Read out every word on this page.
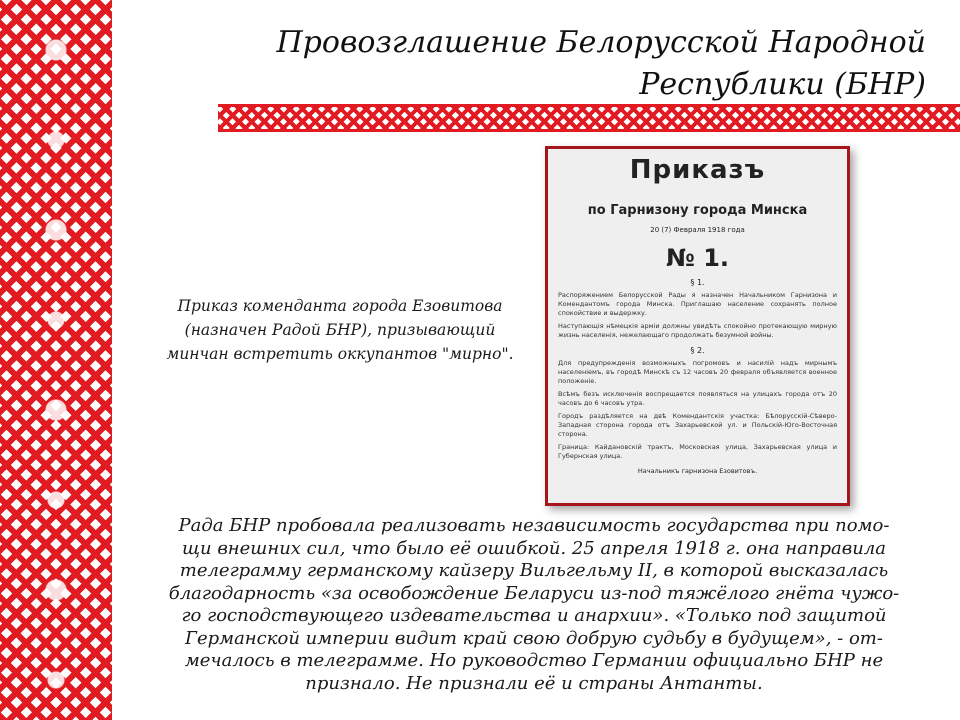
Провозглашение Белорусской Народной Республики (БНР)
Приказъ
по Гарнизону города Минска
20 (7) Февраля 1918 года
№ 1.
§ 1.
Распоряжением Белорусской Рады я назначен Начальником Гарнизона и Комендантомъ города Минска. Приглашаю население сохранять полное спокойствие и выдержку.
Наступающія нѣмецкія арміи должны увидѣть спокойно протекающую мирную жизнь населенія, нежелающаго продолжать безумной войны.
§ 2.
Для предупрежденія возможныхъ погромовъ и насилій надъ мирнымъ населеніемъ, въ городѣ Минскѣ съ 12 часовъ 20 февраля объявляется военное положеніе.
Всѣмъ безъ исключенія воспрещается появляться на улицахъ города отъ 20 часовъ до 6 часовъ утра.
Городъ раздѣляется на двѣ Комендантскія участка: Бѣлорусскій-Сѣверо-Западная сторона города отъ Захарьевской ул. и Польскій-Юго-Восточная сторона.
Граница: Кайдановскій трактъ, Московская улица, Захарьевская улица и Губернская улица.
Начальникъ гарнизона Езовитовъ.

Приказ коменданта города Езовитова
(назначен Радой БНР), призывающий
минчан встретить оккупантов "мирно".

Рада БНР пробовала реализовать независимость государства при помо-
щи внешних сил, что было её ошибкой. 25 апреля 1918 г. она направила
телеграмму германскому кайзеру Вильгельму II, в которой высказалась
благодарность «за освобождение Беларуси из-под тяжёлого гнёта чужо-
го господствующего издевательства и анархии». «Только под защитой
Германской империи видит край свою добрую судьбу в будущем», - от-
мечалось в телеграмме. Но руководство Германии официально БНР не
признало. Не признали её и страны Антанты.
